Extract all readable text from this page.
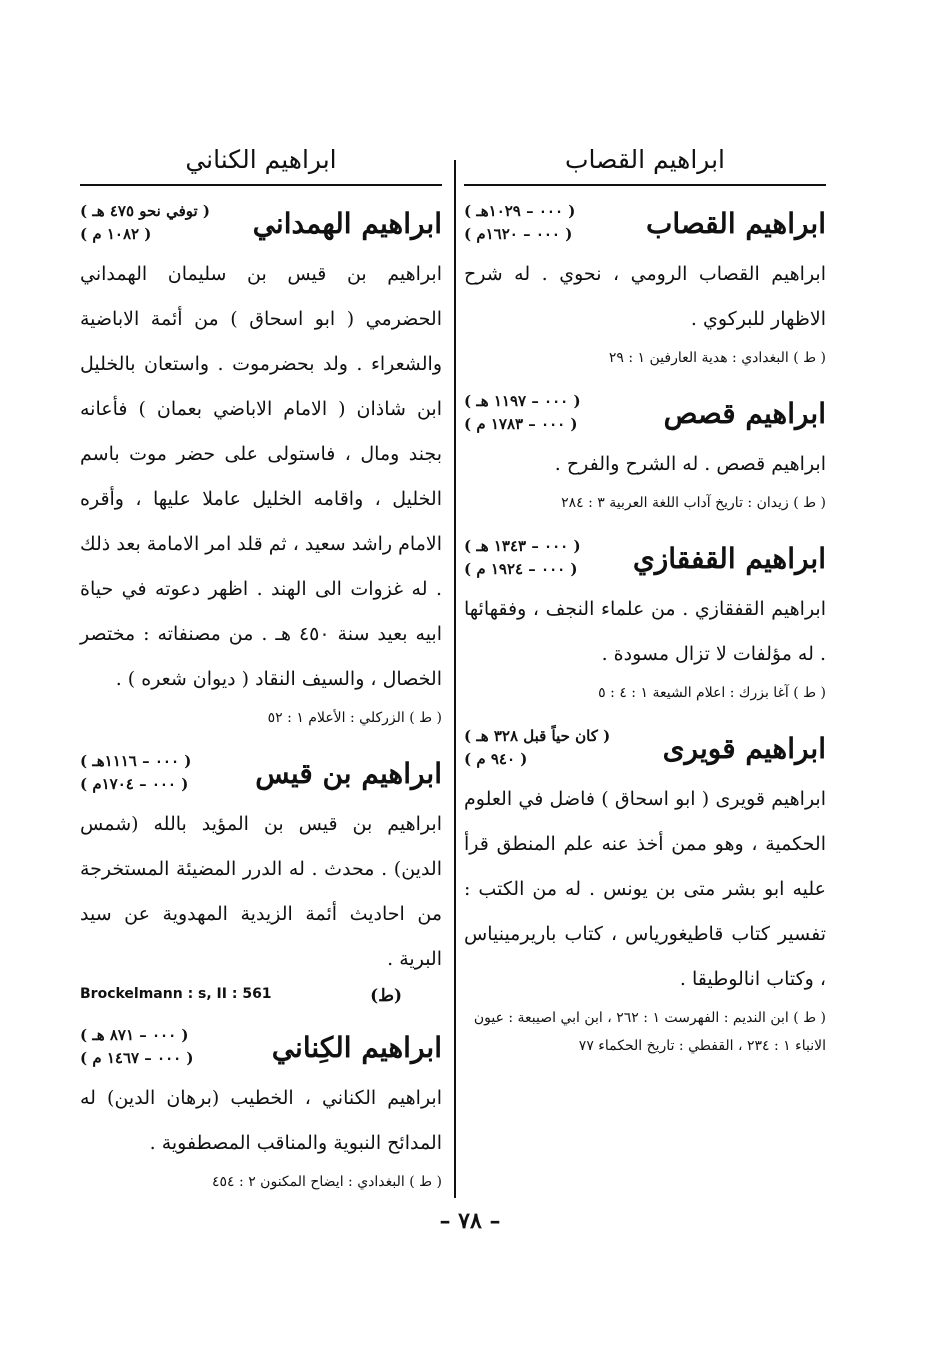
ابراهيم القصاب
ابراهيم القصاب
( ٠٠٠ – ١٠٢٩هـ )
( ٠٠٠ – ١٦٢٠م )
ابراهيم القصاب الرومي ، نحوي . له شرح الاظهار للبركوي .
( ط ) البغدادي : هدية العارفين ١ : ٢٩
ابراهيم قصص
( ٠٠٠ – ١١٩٧ هـ )
( ٠٠٠ – ١٧٨٣ م )
ابراهيم قصص . له الشرح والفرح .
( ط ) زيدان : تاريخ آداب اللغة العربية ٣ : ٢٨٤
ابراهيم القفقازي
( ٠٠٠ – ١٣٤٣ هـ )
( ٠٠٠ – ١٩٢٤ م )
ابراهيم القفقازي . من علماء النجف ، وفقهائها . له مؤلفات لا تزال مسودة .
( ط ) آغا بزرك : اعلام الشيعة ١ : ٤ : ٥
ابراهيم قويرى
( كان حياً قبل ٣٢٨ هـ )
( ٩٤٠ م )
ابراهيم قويرى ( ابو اسحاق ) فاضل في العلوم الحكمية ، وهو ممن أخذ عنه علم المنطق قرأ عليه ابو بشر متى بن يونس . له من الكتب : تفسير كتاب قاطيغورياس ، كتاب باريرمينياس ، وكتاب انالوطيقا .
( ط ) ابن النديم : الفهرست ١ : ٢٦٢ ، ابن ابي اصيبعة : عيون الانباء ١ : ٢٣٤ ، القفطي : تاريخ الحكماء ٧٧
ابراهيم الكناني
ابراهيم الهمداني
( توفي نحو ٤٧٥ هـ )
( ١٠٨٢ م )
ابراهيم بن قيس بن سليمان الهمداني الحضرمي ( ابو اسحاق ) من أئمة الاباضية والشعراء . ولد بحضرموت . واستعان بالخليل ابن شاذان ( الامام الاباضي بعمان ) فأعانه بجند ومال ، فاستولى على حضر موت باسم الخليل ، واقامه الخليل عاملا عليها ، وأقره الامام راشد سعيد ، ثم قلد امر الامامة بعد ذلك . له غزوات الى الهند . اظهر دعوته في حياة ابيه بعيد سنة ٤٥٠ هـ . من مصنفاته : مختصر الخصال ، والسيف النقاد ( ديوان شعره ) .
( ط ) الزركلي : الأعلام ١ : ٥٢
ابراهيم بن قيس
( ٠٠٠ – ١١١٦هـ )
( ٠٠٠ – ١٧٠٤م )
ابراهيم بن قيس بن المؤيد بالله (شمس الدين) . محدث . له الدرر المضيئة المستخرجة من احاديث أئمة الزيدية المهدوية عن سيد البرية .
Brockelmann : s, II : 561	(ط)
ابراهيم الكِناني
( ٠٠٠ – ٨٧١ هـ )
( ٠٠٠ – ١٤٦٧ م )
ابراهيم الكناني ، الخطيب (برهان الدين) له المدائح النبوية والمناقب المصطفوية .
( ط ) البغدادي : ايضاح المكنون ٢ : ٤٥٤
– ٧٨ –
